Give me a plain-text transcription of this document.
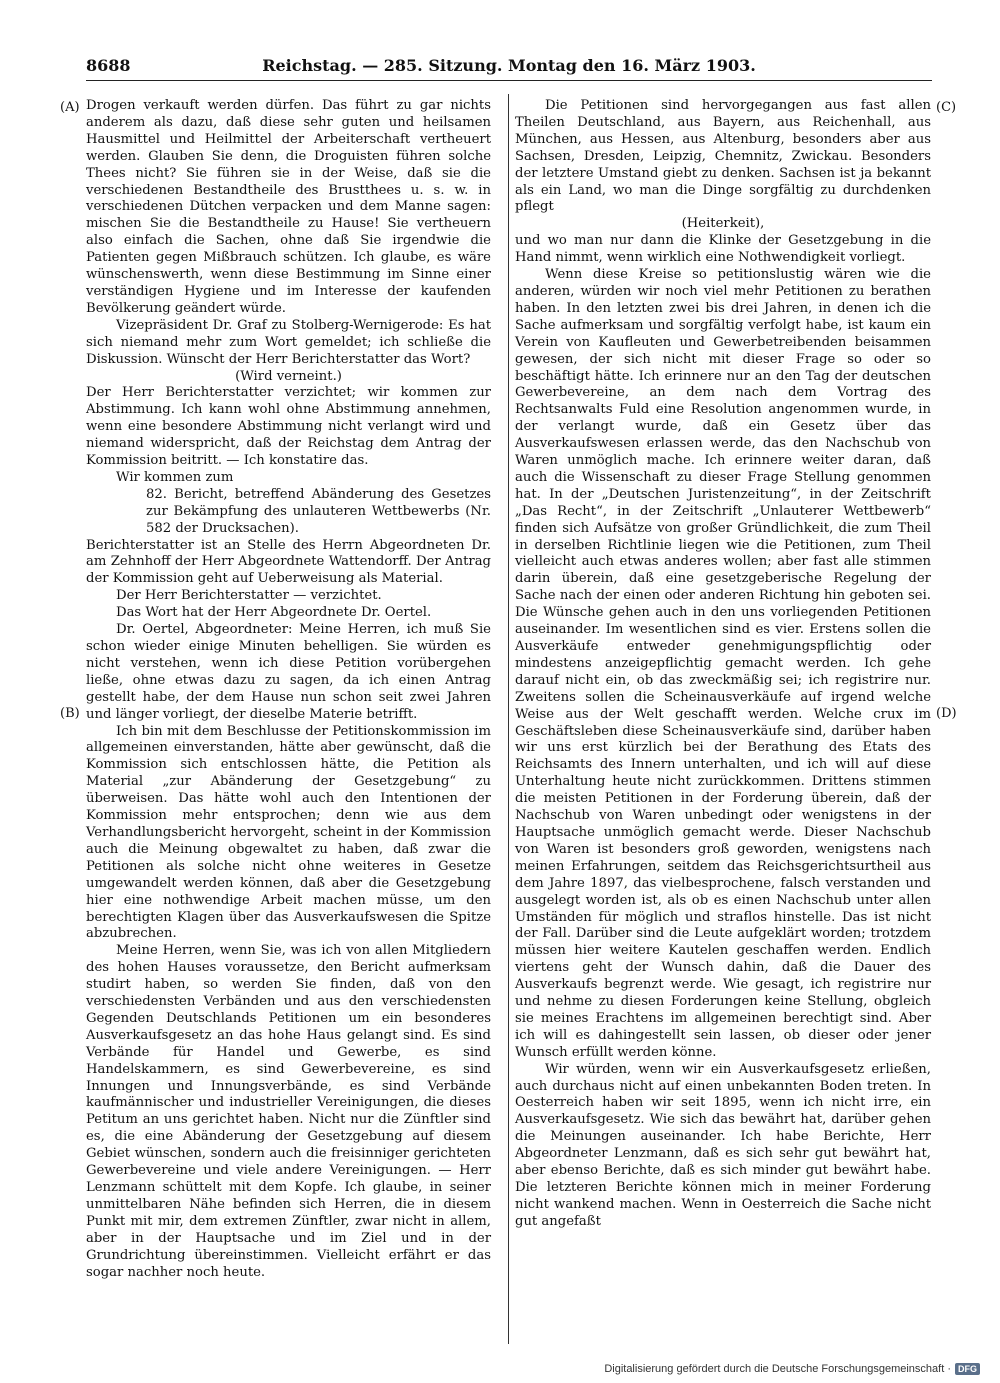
8688	Reichstag. — 285. Sitzung. Montag den 16. März 1903.
(A)
(B)
(C)
(D)

Drogen verkauft werden dürfen. Das führt zu gar nichts anderem als dazu, daß diese sehr guten und heilsamen Hausmittel und Heilmittel der Arbeiterschaft vertheuert werden. Glauben Sie denn, die Droguisten führen solche Thees nicht? Sie führen sie in der Weise, daß sie die verschiedenen Bestandtheile des Brustthees u. s. w. in verschiedenen Dütchen verpacken und dem Manne sagen: mischen Sie die Bestandtheile zu Hause! Sie vertheuern also einfach die Sachen, ohne daß Sie irgendwie die Patienten gegen Mißbrauch schützen. Ich glaube, es wäre wünschenswerth, wenn diese Bestimmung im Sinne einer verständigen Hygiene und im Interesse der kaufenden Bevölkerung geändert würde.

Vizepräsident Dr. Graf zu Stolberg-Wernigerode: Es hat sich niemand mehr zum Wort gemeldet; ich schließe die Diskussion. Wünscht der Herr Berichterstatter das Wort?

(Wird verneint.)

Der Herr Berichterstatter verzichtet; wir kommen zur Abstimmung. Ich kann wohl ohne Abstimmung annehmen, wenn eine besondere Abstimmung nicht verlangt wird und niemand widerspricht, daß der Reichstag dem Antrag der Kommission beitritt. — Ich konstatire das.

Wir kommen zum

82. Bericht, betreffend Abänderung des Gesetzes zur Bekämpfung des unlauteren Wettbewerbs (Nr. 582 der Drucksachen).

Berichterstatter ist an Stelle des Herrn Abgeordneten Dr. am Zehnhoff der Herr Abgeordnete Wattendorff. Der Antrag der Kommission geht auf Ueberweisung als Material.

Der Herr Berichterstatter — verzichtet.

Das Wort hat der Herr Abgeordnete Dr. Oertel.

Dr. Oertel, Abgeordneter: Meine Herren, ich muß Sie schon wieder einige Minuten behelligen. Sie würden es nicht verstehen, wenn ich diese Petition vorübergehen ließe, ohne etwas dazu zu sagen, da ich einen Antrag gestellt habe, der dem Hause nun schon seit zwei Jahren und länger vorliegt, der dieselbe Materie betrifft.

Ich bin mit dem Beschlusse der Petitionskommission im allgemeinen einverstanden, hätte aber gewünscht, daß die Kommission sich entschlossen hätte, die Petition als Material „zur Abänderung der Gesetzgebung“ zu überweisen. Das hätte wohl auch den Intentionen der Kommission mehr entsprochen; denn wie aus dem Verhandlungsbericht hervorgeht, scheint in der Kommission auch die Meinung obgewaltet zu haben, daß zwar die Petitionen als solche nicht ohne weiteres in Gesetze umgewandelt werden können, daß aber die Gesetzgebung hier eine nothwendige Arbeit machen müsse, um den berechtigten Klagen über das Ausverkaufswesen die Spitze abzubrechen.

Meine Herren, wenn Sie, was ich von allen Mitgliedern des hohen Hauses voraussetze, den Bericht aufmerksam studirt haben, so werden Sie finden, daß von den verschiedensten Verbänden und aus den verschiedensten Gegenden Deutschlands Petitionen um ein besonderes Ausverkaufsgesetz an das hohe Haus gelangt sind. Es sind Verbände für Handel und Gewerbe, es sind Handelskammern, es sind Gewerbevereine, es sind Innungen und Innungsverbände, es sind Verbände kaufmännischer und industrieller Vereinigungen, die dieses Petitum an uns gerichtet haben. Nicht nur die Zünftler sind es, die eine Abänderung der Gesetzgebung auf diesem Gebiet wünschen, sondern auch die freisinniger gerichteten Gewerbevereine und viele andere Vereinigungen. — Herr Lenzmann schüttelt mit dem Kopfe. Ich glaube, in seiner unmittelbaren Nähe befinden sich Herren, die in diesem Punkt mit mir, dem extremen Zünftler, zwar nicht in allem, aber in der Hauptsache und im Ziel und in der Grundrichtung übereinstimmen. Vielleicht erfährt er das sogar nachher noch heute.

Die Petitionen sind hervorgegangen aus fast allen Theilen Deutschland, aus Bayern, aus Reichenhall, aus München, aus Hessen, aus Altenburg, besonders aber aus Sachsen, Dresden, Leipzig, Chemnitz, Zwickau. Besonders der letztere Umstand giebt zu denken. Sachsen ist ja bekannt als ein Land, wo man die Dinge sorgfältig zu durchdenken pflegt

(Heiterkeit),

und wo man nur dann die Klinke der Gesetzgebung in die Hand nimmt, wenn wirklich eine Nothwendigkeit vorliegt.

Wenn diese Kreise so petitionslustig wären wie die anderen, würden wir noch viel mehr Petitionen zu berathen haben. In den letzten zwei bis drei Jahren, in denen ich die Sache aufmerksam und sorgfältig verfolgt habe, ist kaum ein Verein von Kaufleuten und Gewerbetreibenden beisammen gewesen, der sich nicht mit dieser Frage so oder so beschäftigt hätte. Ich erinnere nur an den Tag der deutschen Gewerbevereine, an dem nach dem Vortrag des Rechtsanwalts Fuld eine Resolution angenommen wurde, in der verlangt wurde, daß ein Gesetz über das Ausverkaufswesen erlassen werde, das den Nachschub von Waren unmöglich mache. Ich erinnere weiter daran, daß auch die Wissenschaft zu dieser Frage Stellung genommen hat. In der „Deutschen Juristenzeitung“, in der Zeitschrift „Das Recht“, in der Zeitschrift „Unlauterer Wettbewerb“ finden sich Aufsätze von großer Gründlichkeit, die zum Theil in derselben Richtlinie liegen wie die Petitionen, zum Theil vielleicht auch etwas anderes wollen; aber fast alle stimmen darin überein, daß eine gesetzgeberische Regelung der Sache nach der einen oder anderen Richtung hin geboten sei. Die Wünsche gehen auch in den uns vorliegenden Petitionen auseinander. Im wesentlichen sind es vier. Erstens sollen die Ausverkäufe entweder genehmigungspflichtig oder mindestens anzeigepflichtig gemacht werden. Ich gehe darauf nicht ein, ob das zweckmäßig sei; ich registrire nur. Zweitens sollen die Scheinausverkäufe auf irgend welche Weise aus der Welt geschafft werden. Welche crux im Geschäftsleben diese Scheinausverkäufe sind, darüber haben wir uns erst kürzlich bei der Berathung des Etats des Reichsamts des Innern unterhalten, und ich will auf diese Unterhaltung heute nicht zurückkommen. Drittens stimmen die meisten Petitionen in der Forderung überein, daß der Nachschub von Waren unbedingt oder wenigstens in der Hauptsache unmöglich gemacht werde. Dieser Nachschub von Waren ist besonders groß geworden, wenigstens nach meinen Erfahrungen, seitdem das Reichsgerichtsurtheil aus dem Jahre 1897, das vielbesprochene, falsch verstanden und ausgelegt worden ist, als ob es einen Nachschub unter allen Umständen für möglich und straflos hinstelle. Das ist nicht der Fall. Darüber sind die Leute aufgeklärt worden; trotzdem müssen hier weitere Kautelen geschaffen werden. Endlich viertens geht der Wunsch dahin, daß die Dauer des Ausverkaufs begrenzt werde. Wie gesagt, ich registrire nur und nehme zu diesen Forderungen keine Stellung, obgleich sie meines Erachtens im allgemeinen berechtigt sind. Aber ich will es dahingestellt sein lassen, ob dieser oder jener Wunsch erfüllt werden könne.

Wir würden, wenn wir ein Ausverkaufsgesetz erließen, auch durchaus nicht auf einen unbekannten Boden treten. In Oesterreich haben wir seit 1895, wenn ich nicht irre, ein Ausverkaufsgesetz. Wie sich das bewährt hat, darüber gehen die Meinungen auseinander. Ich habe Berichte, Herr Abgeordneter Lenzmann, daß es sich sehr gut bewährt hat, aber ebenso Berichte, daß es sich minder gut bewährt habe. Die letzteren Berichte können mich in meiner Forderung nicht wankend machen. Wenn in Oesterreich die Sache nicht gut angefaßt

Digitalisierung gefördert durch die Deutsche Forschungsgemeinschaft · DFG
